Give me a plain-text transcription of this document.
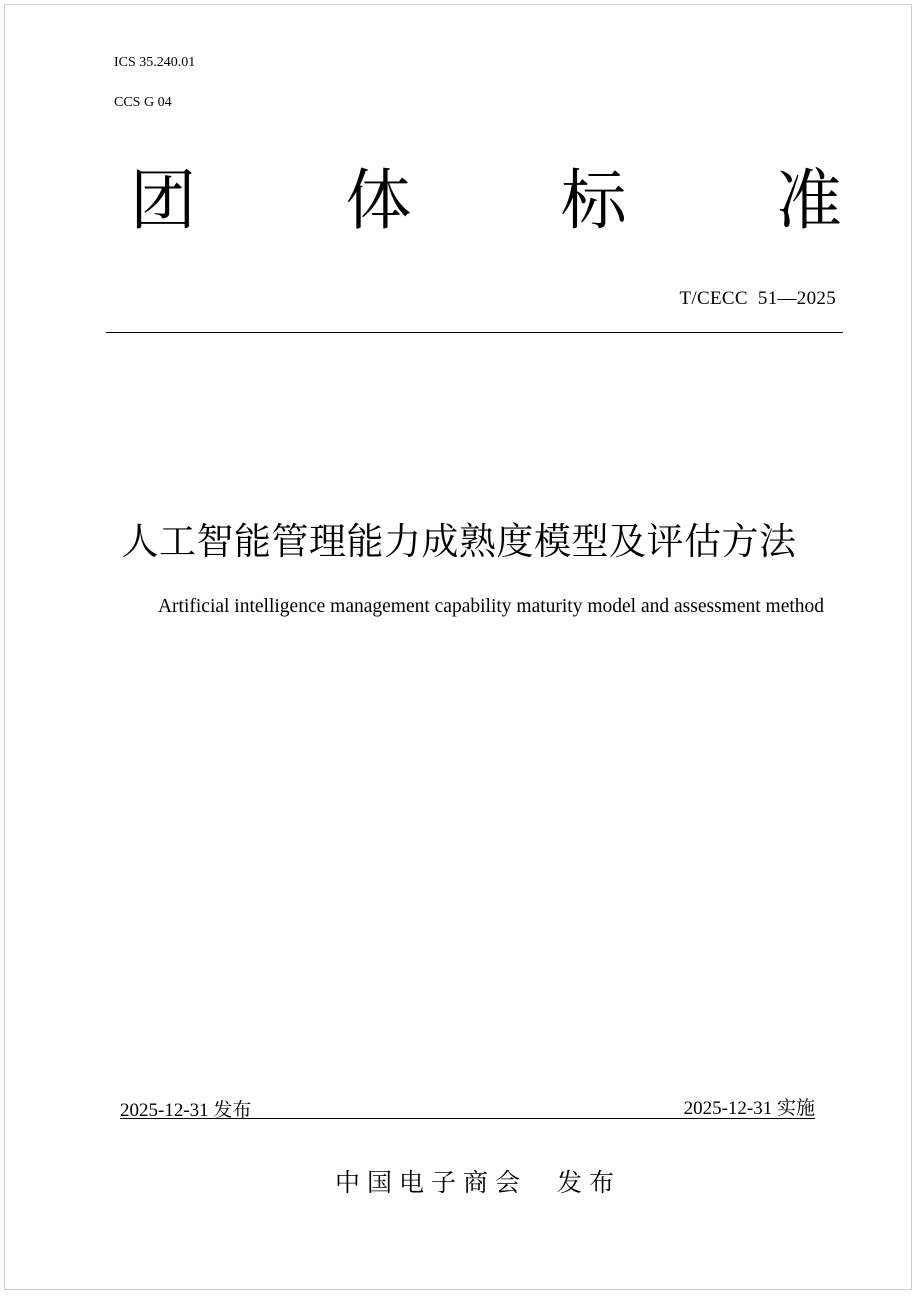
ICS 35.240.01
CCS G 04
团 体 标 准
T/CECC  51—2025
人工智能管理能力成熟度模型及评估方法
Artificial intelligence management capability maturity model and assessment method
2025-12-31 发布	2025-12-31 实施
中国电子商会 发布
